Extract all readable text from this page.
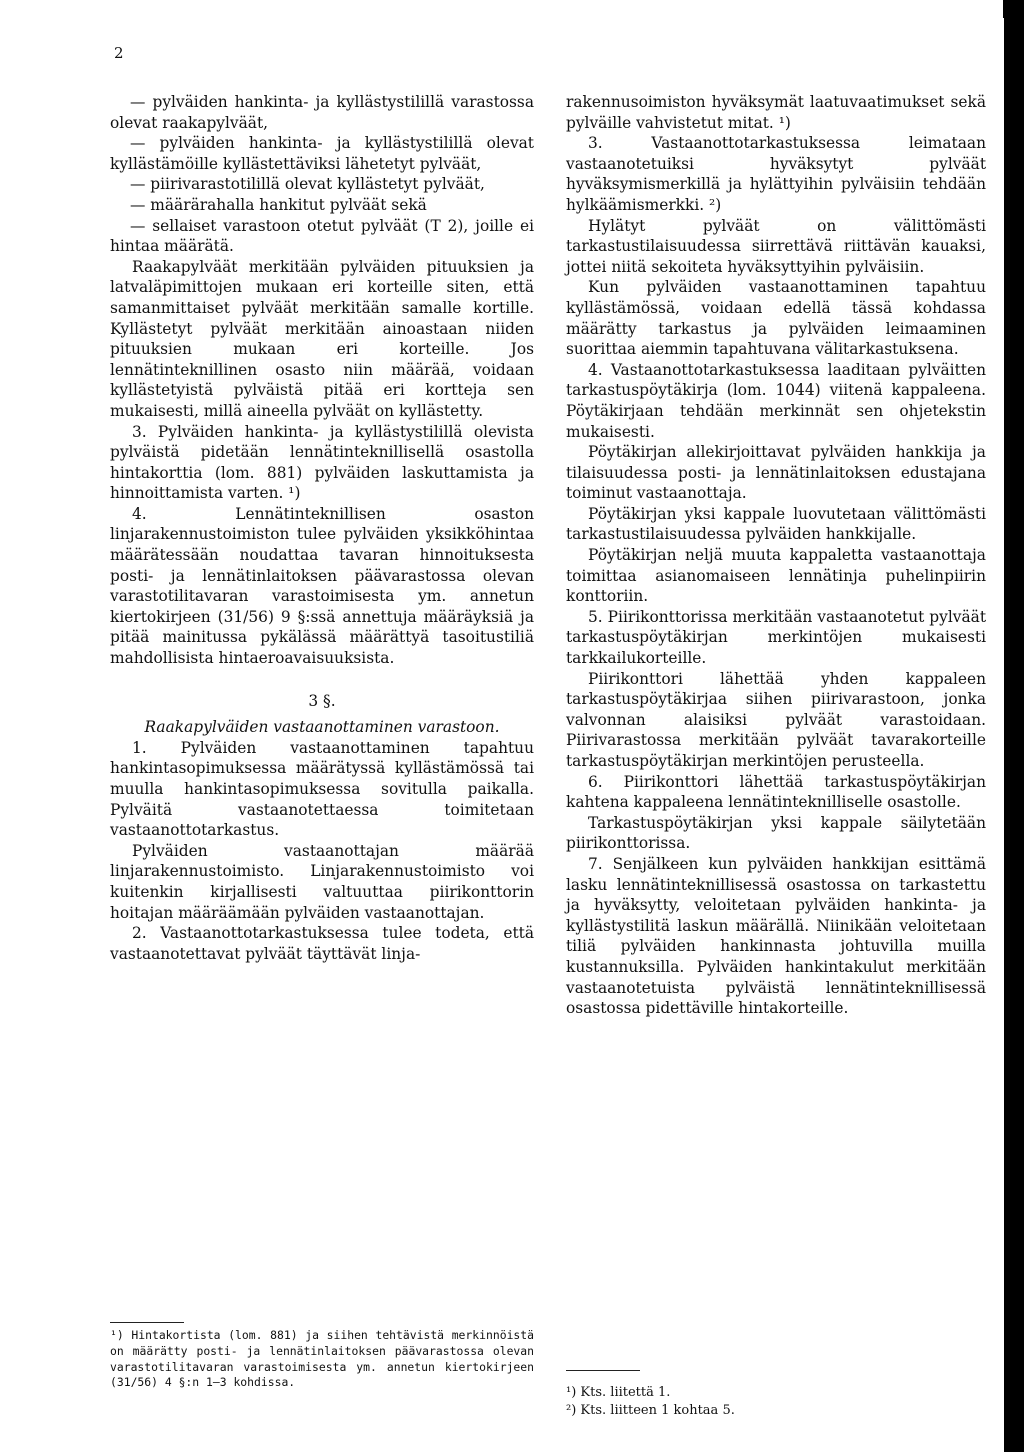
2

— pylväiden hankinta- ja kyllästystilillä varastossa olevat raakapylväät,

— pylväiden hankinta- ja kyllästystilillä olevat kyllästämöille kyllästettäviksi lähetetyt pylväät,

— piirivarastotilillä olevat kyllästetyt pylväät,

— määrärahalla hankitut pylväät sekä

— sellaiset varastoon otetut pylväät (T 2), joille ei hintaa määrätä.

Raakapylväät merkitään pylväiden pituuksien ja latvaläpimittojen mukaan eri korteille siten, että samanmittaiset pylväät merkitään samalle kortille. Kyllästetyt pylväät merkitään ainoastaan niiden pituuksien mukaan eri korteille. Jos lennätinteknillinen osasto niin määrää, voidaan kyllästetyistä pylväistä pitää eri kortteja sen mukaisesti, millä aineella pylväät on kyllästetty.

3. Pylväiden hankinta- ja kyllästystilillä olevista pylväistä pidetään lennätinteknillisellä osastolla hintakorttia (lom. 881) pylväiden laskuttamista ja hinnoittamista varten. ¹)

4. Lennätinteknillisen osaston linjarakennustoimiston tulee pylväiden yksikköhintaa määrätessään noudattaa tavaran hinnoituksesta posti- ja lennätinlaitoksen päävarastossa olevan varastotilitavaran varastoimisesta ym. annetun kiertokirjeen (31/56) 9 §:ssä annettuja määräyksiä ja pitää mainitussa pykälässä määrättyä tasoitustiliä mahdollisista hintaeroavaisuuksista.

3 §.
Raakapylväiden vastaanottaminen varastoon.

1. Pylväiden vastaanottaminen tapahtuu hankintasopimuksessa määrätyssä kyllästämössä tai muulla hankintasopimuksessa sovitulla paikalla. Pylväitä vastaanotettaessa toimitetaan vastaanottotarkastus.

Pylväiden vastaanottajan määrää linjarakennustoimisto. Linjarakennustoimisto voi kuitenkin kirjallisesti valtuuttaa piirikonttorin hoitajan määräämään pylväiden vastaanottajan.

2. Vastaanottotarkastuksessa tulee todeta, että vastaanotettavat pylväät täyttävät linja-

¹) Hintakortista (lom. 881) ja siihen tehtävistä merkinnöistä on määrätty posti- ja lennätinlaitoksen päävarastossa olevan varastotilitavaran varastoimisesta ym. annetun kiertokirjeen (31/56) 4 §:n 1—3 kohdissa.

rakennusoimiston hyväksymät laatuvaatimukset sekä pylväille vahvistetut mitat. ¹)

3. Vastaanottotarkastuksessa leimataan vastaanotetuiksi hyväksytyt pylväät hyväksymismerkillä ja hylättyihin pylväisiin tehdään hylkäämismerkki. ²)

Hylätyt pylväät on välittömästi tarkastustilaisuudessa siirrettävä riittävän kauaksi, jottei niitä sekoiteta hyväksyttyihin pylväisiin.

Kun pylväiden vastaanottaminen tapahtuu kyllästämössä, voidaan edellä tässä kohdassa määrätty tarkastus ja pylväiden leimaaminen suorittaa aiemmin tapahtuvana välitarkastuksena.

4. Vastaanottotarkastuksessa laaditaan pylväitten tarkastuspöytäkirja (lom. 1044) viitenä kappaleena. Pöytäkirjaan tehdään merkinnät sen ohjetekstin mukaisesti.

Pöytäkirjan allekirjoittavat pylväiden hankkija ja tilaisuudessa posti- ja lennätinlaitoksen edustajana toiminut vastaanottaja.

Pöytäkirjan yksi kappale luovutetaan välittömästi tarkastustilaisuudessa pylväiden hankkijalle.

Pöytäkirjan neljä muuta kappaletta vastaanottaja toimittaa asianomaiseen lennätinja puhelinpiirin konttoriin.

5. Piirikonttorissa merkitään vastaanotetut pylväät tarkastuspöytäkirjan merkintöjen mukaisesti tarkkailukorteille.

Piirikonttori lähettää yhden kappaleen tarkastuspöytäkirjaa siihen piirivarastoon, jonka valvonnan alaisiksi pylväät varastoidaan. Piirivarastossa merkitään pylväät tavarakorteille tarkastuspöytäkirjan merkintöjen perusteella.

6. Piirikonttori lähettää tarkastuspöytäkirjan kahtena kappaleena lennätinteknilliselle osastolle.

Tarkastuspöytäkirjan yksi kappale säilytetään piirikonttorissa.

7. Senjälkeen kun pylväiden hankkijan esittämä lasku lennätinteknillisessä osastossa on tarkastettu ja hyväksytty, veloitetaan pylväiden hankinta- ja kyllästystilitä laskun määrällä. Niinikään veloitetaan tiliä pylväiden hankinnasta johtuvilla muilla kustannuksilla. Pylväiden hankintakulut merkitään vastaanotetuista pylväistä lennätinteknillisessä osastossa pidettäville hintakorteille.

¹) Kts. liitettä 1.
²) Kts. liitteen 1 kohtaa 5.
